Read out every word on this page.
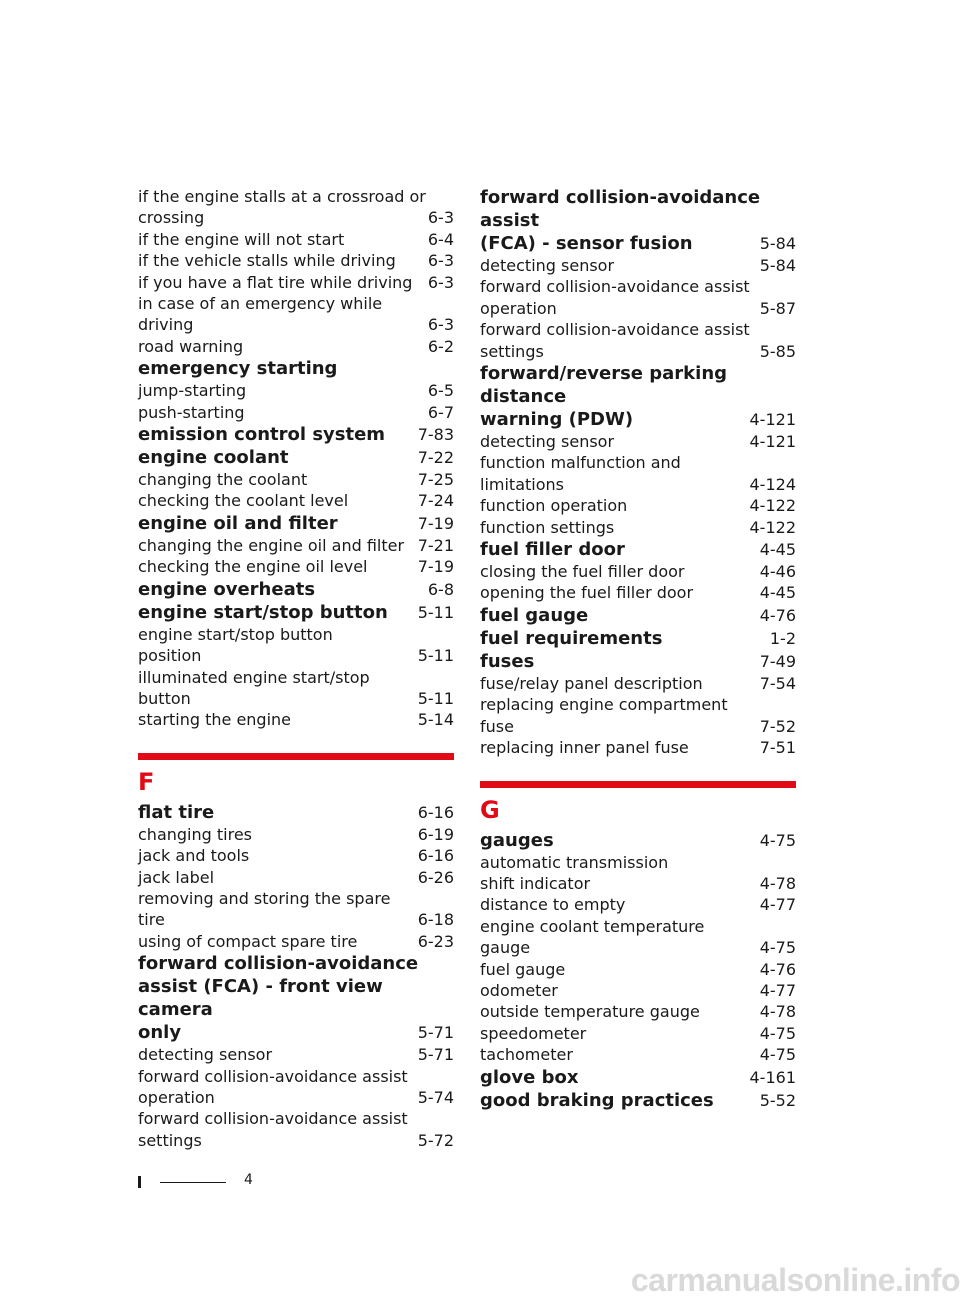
if the engine stalls at a crossroad or
crossing	6-3
if the engine will not start	6-4
if the vehicle stalls while driving	6-3
if you have a flat tire while driving 6-3
in case of an emergency while
driving	6-3
road warning	6-2
emergency starting
jump-starting	6-5
push-starting	6-7
emission control system	7-83
engine coolant	7-22
changing the coolant	7-25
checking the coolant level	7-24
engine oil and filter	7-19
changing the engine oil and filter 7-21
checking the engine oil level	7-19
engine overheats	6-8
engine start/stop button	5-11
engine start/stop button
position	5-11
illuminated engine start/stop
button	5-11
starting the engine	5-14
F
flat tire	6-16
changing tires	6-19
jack and tools	6-16
jack label	6-26
removing and storing the spare
tire	6-18
using of compact spare tire	6-23
forward collision-avoidance
assist (FCA) - front view camera
only	5-71
detecting sensor	5-71
forward collision-avoidance assist
operation	5-74
forward collision-avoidance assist
settings	5-72
forward collision-avoidance assist
(FCA) - sensor fusion	5-84
detecting sensor	5-84
forward collision-avoidance assist
operation	5-87
forward collision-avoidance assist
settings	5-85
forward/reverse parking distance
warning (PDW)	4-121
detecting sensor	4-121
function malfunction and
limitations	4-124
function operation	4-122
function settings	4-122
fuel filler door	4-45
closing the fuel filler door	4-46
opening the fuel filler door	4-45
fuel gauge	4-76
fuel requirements	1-2
fuses	7-49
fuse/relay panel description	7-54
replacing engine compartment
fuse	7-52
replacing inner panel fuse	7-51
G
gauges	4-75
automatic transmission
shift indicator	4-78
distance to empty	4-77
engine coolant temperature
gauge	4-75
fuel gauge	4-76
odometer	4-77
outside temperature gauge	4-78
speedometer	4-75
tachometer	4-75
glove box	4-161
good braking practices	5-52
4
carmanualsonline.info
